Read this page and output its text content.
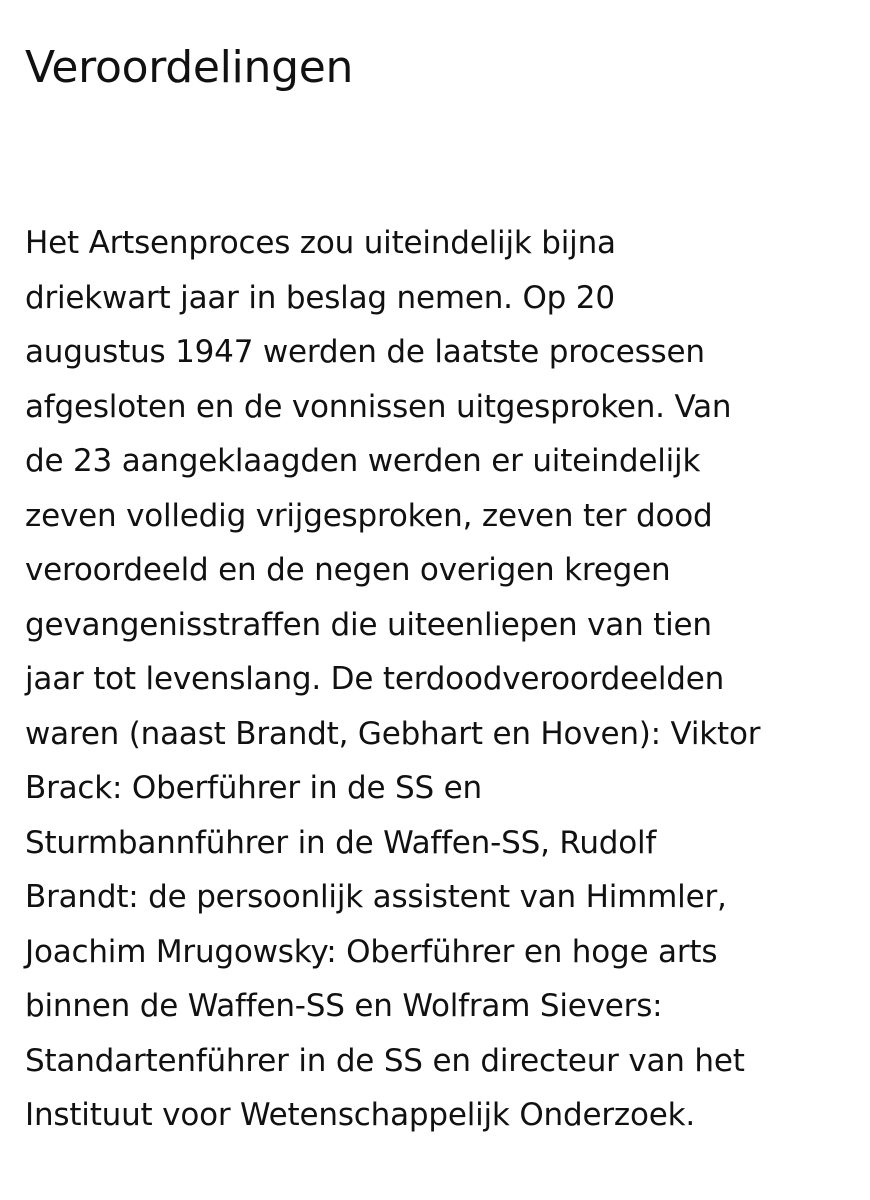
Veroordelingen

Het Artsenproces zou uiteindelijk bijna
driekwart jaar in beslag nemen. Op 20
augustus 1947 werden de laatste processen
afgesloten en de vonnissen uitgesproken. Van
de 23 aangeklaagden werden er uiteindelijk
zeven volledig vrijgesproken, zeven ter dood
veroordeeld en de negen overigen kregen
gevangenisstraffen die uiteenliepen van tien
jaar tot levenslang. De terdoodveroordeelden
waren (naast Brandt, Gebhart en Hoven): Viktor
Brack: Oberführer in de SS en
Sturmbannführer in de Waffen-SS, Rudolf
Brandt: de persoonlijk assistent van Himmler,
Joachim Mrugowsky: Oberführer en hoge arts
binnen de Waffen-SS en Wolfram Sievers:
Standartenführer in de SS en directeur van het
Instituut voor Wetenschappelijk Onderzoek.
